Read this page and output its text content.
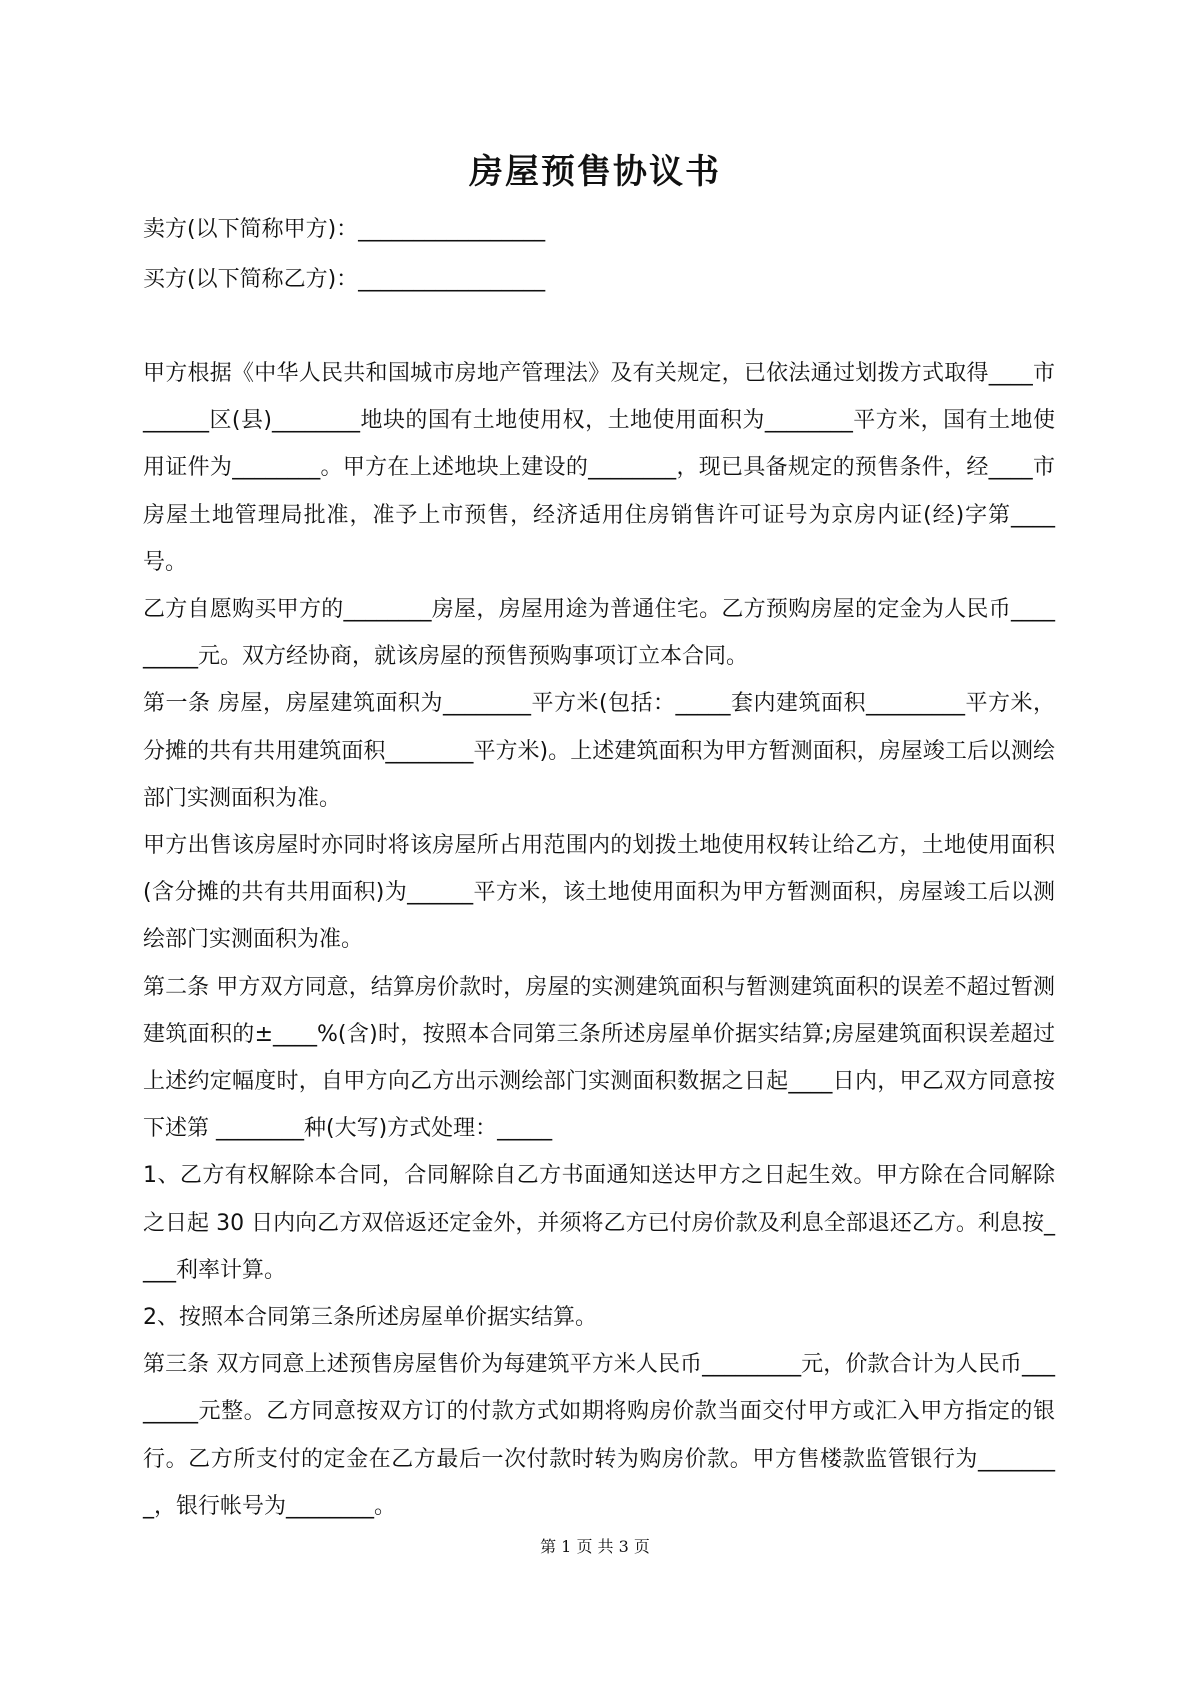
房屋预售协议书
卖方(以下简称甲方)：_________________
买方(以下简称乙方)：_________________

甲方根据《中华人民共和国城市房地产管理法》及有关规定，已依法通过划拨方式取得____市______区(县)________地块的国有土地使用权，土地使用面积为________平方米，国有土地使用证件为________。甲方在上述地块上建设的________，现已具备规定的预售条件，经____市房屋土地管理局批准，准予上市预售，经济适用住房销售许可证号为京房内证(经)字第____号。

乙方自愿购买甲方的________房屋，房屋用途为普通住宅。乙方预购房屋的定金为人民币_________元。双方经协商，就该房屋的预售预购事项订立本合同。

第一条 房屋，房屋建筑面积为________平方米(包括：_____套内建筑面积_________平方米，分摊的共有共用建筑面积________平方米)。上述建筑面积为甲方暂测面积，房屋竣工后以测绘部门实测面积为准。

甲方出售该房屋时亦同时将该房屋所占用范围内的划拨土地使用权转让给乙方，土地使用面积(含分摊的共有共用面积)为______平方米，该土地使用面积为甲方暂测面积，房屋竣工后以测绘部门实测面积为准。

第二条 甲方双方同意，结算房价款时，房屋的实测建筑面积与暂测建筑面积的误差不超过暂测建筑面积的±____%(含)时，按照本合同第三条所述房屋单价据实结算;房屋建筑面积误差超过上述约定幅度时，自甲方向乙方出示测绘部门实测面积数据之日起____日内，甲乙双方同意按下述第 ________种(大写)方式处理：_____

1、乙方有权解除本合同，合同解除自乙方书面通知送达甲方之日起生效。甲方除在合同解除之日起 30 日内向乙方双倍返还定金外，并须将乙方已付房价款及利息全部退还乙方。利息按____利率计算。

2、按照本合同第三条所述房屋单价据实结算。

第三条 双方同意上述预售房屋售价为每建筑平方米人民币_________元，价款合计为人民币________元整。乙方同意按双方订的付款方式如期将购房价款当面交付甲方或汇入甲方指定的银行。乙方所支付的定金在乙方最后一次付款时转为购房价款。甲方售楼款监管银行为________，银行帐号为________。

第 1 页 共 3 页
